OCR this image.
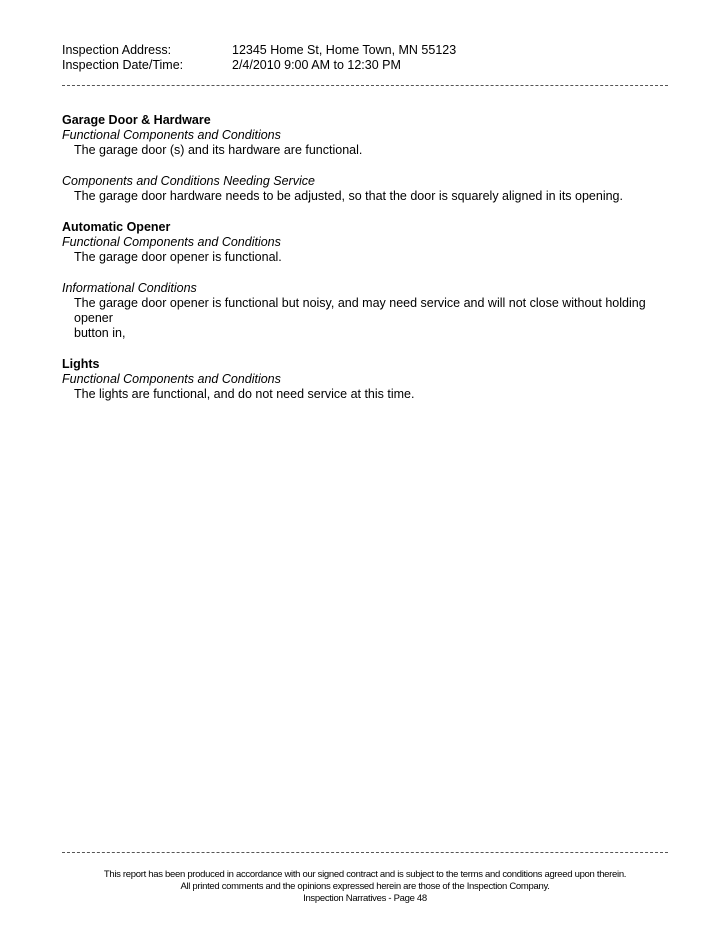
Inspection Address:	12345 Home St, Home Town, MN 55123
Inspection Date/Time:	2/4/2010 9:00 AM to 12:30 PM
Garage Door & Hardware
Functional Components and Conditions
The garage door (s) and its hardware are functional.
Components and Conditions Needing Service
The garage door hardware needs to be adjusted, so that the door is squarely aligned in its opening.
Automatic Opener
Functional Components and Conditions
The garage door opener is functional.
Informational Conditions
The garage door opener is functional but noisy, and may need service and will not close without holding opener
button in,
Lights
Functional Components and Conditions
The lights are functional, and do not need service at this time.
This report has been produced in accordance with our signed contract and is subject to the terms and conditions agreed upon therein.
All printed comments and the opinions expressed herein are those of the Inspection Company.
Inspection Narratives - Page 48
